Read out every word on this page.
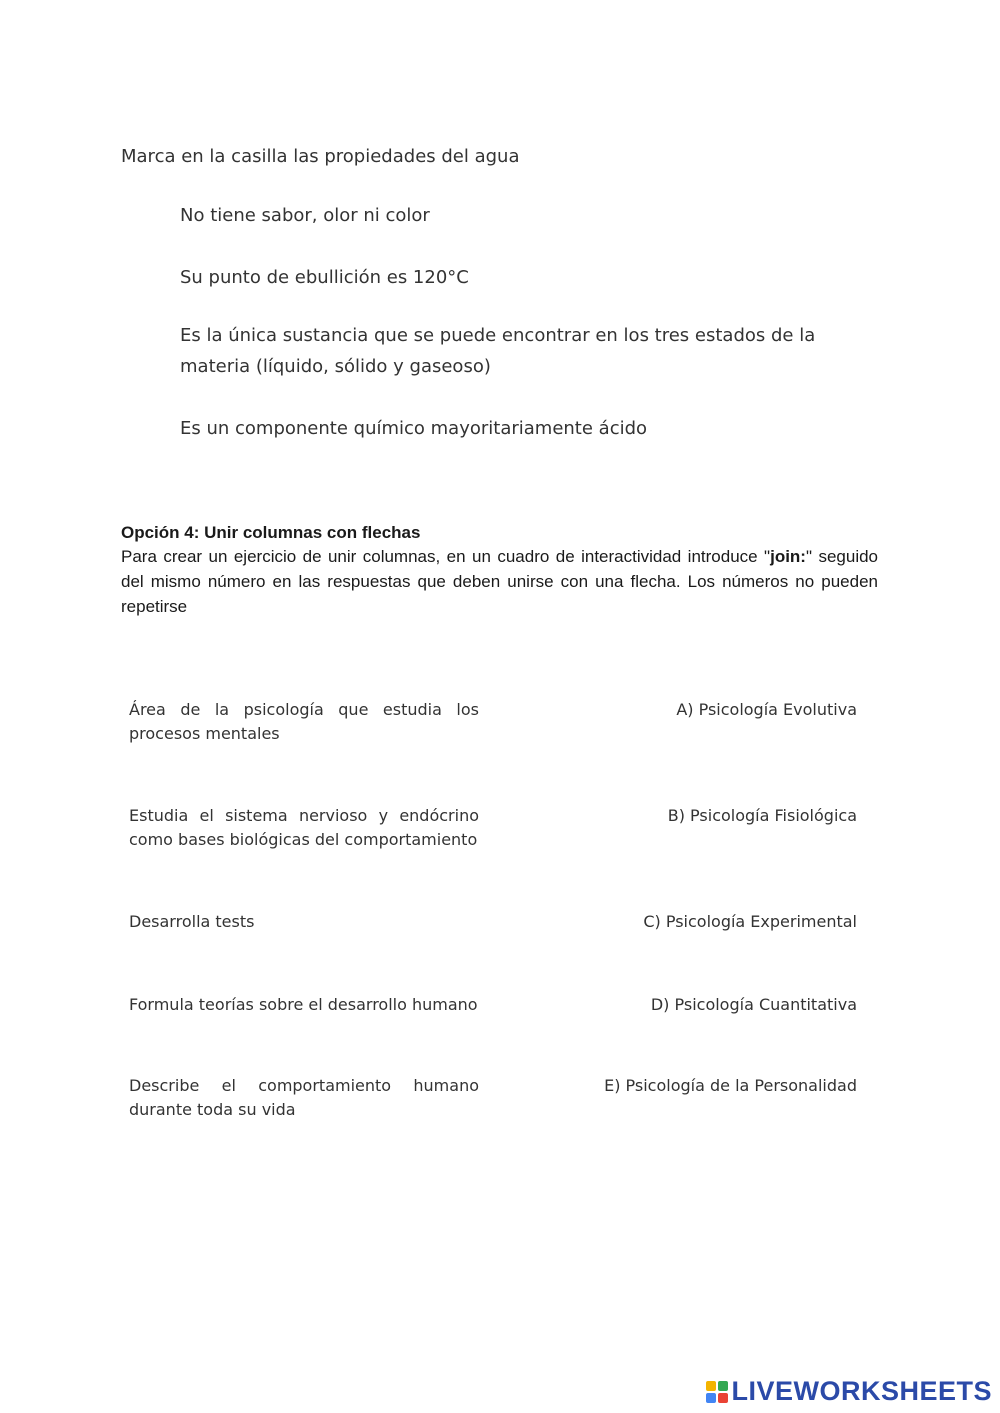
Marca en la casilla las propiedades del agua
No tiene sabor, olor ni color
Su punto de ebullición es 120°C
Es la única sustancia que se puede encontrar en los tres estados de la materia (líquido, sólido y gaseoso)
Es un componente químico mayoritariamente ácido
Opción 4: Unir columnas con flechas
Para crear un ejercicio de unir columnas, en un cuadro de interactividad introduce "join:" seguido del mismo número en las respuestas que deben unirse con una flecha. Los números no pueden repetirse
Área de la psicología que estudia los procesos mentales
A) Psicología Evolutiva
Estudia el sistema nervioso y endócrino como bases biológicas del comportamiento
B) Psicología Fisiológica
Desarrolla tests	C) Psicología Experimental
Formula teorías sobre el desarrollo humano	D) Psicología Cuantitativa
Describe el comportamiento humano durante toda su vida
E) Psicología de la Personalidad
LIVEWORKSHEETS
